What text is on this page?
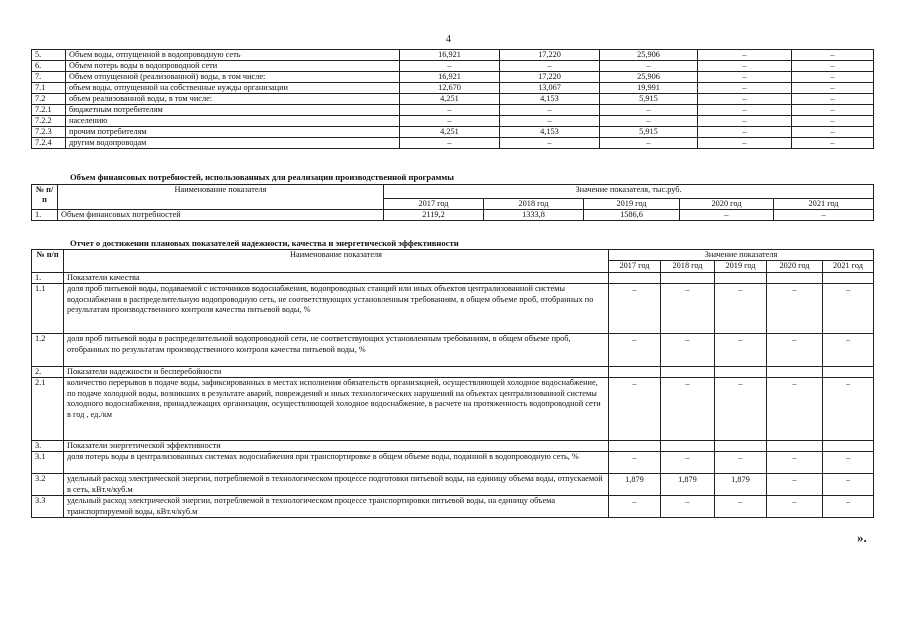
4
5.	Объем воды, отпущенной в водопроводную сеть	16,921	17,220	25,906	–	–
6.	Объем потерь воды в водопроводной сети	–	–	–	–	–
7.	Объем отпущенной (реализованной) воды, в том числе:	16,921	17,220	25,906	–	–
7.1	объем воды, отпущенной на собственные нужды организации	12,670	13,067	19,991	–	–
7.2	объем реализованной воды, в том числе:	4,251	4,153	5,915	–	–
7.2.1	бюджетным потребителям	–	–	–	–	–
7.2.2	населению	–	–	–	–	–
7.2.3	прочим потребителям	4,251	4,153	5,915	–	–
7.2.4	другим водопроводам	–	–	–	–	–
Объем финансовых потребностей, использованных для реализации производственной программы
№ п/п	Наименование показателя	Значение показателя, тыс.руб.				
		2017 год	2018 год	2019 год	2020 год	2021 год
1.	Объем финансовых потребностей	2119,2	1333,8	1586,6	–	–
Отчет о достижении плановых показателей надежности, качества и энергетической эффективности
№ п/п	Наименование показателя	Значение показателя				
		2017 год	2018 год	2019 год	2020 год	2021 год
1.	Показатели качества					
1.1	доля проб питьевой воды, подаваемой с источников водоснабжения, водопроводных станций или иных объектов централизованной системы водоснабжения в распределительную водопроводную сеть, не соответствующих установленным требованиям, в общем объеме проб, отобранных по результатам производственного контроля качества питьевой воды, %	–	–	–	–	–
1.2	доля проб питьевой воды в распределительной водопроводной сети, не соответствующих установленным требованиям, в общем объеме проб, отобранных по результатам производственного контроля качества питьевой воды, %	–	–	–	–	–
2.	Показатели надежности и бесперебойности					
2.1	количество перерывов в подаче воды, зафиксированных в местах исполнения обязательств организацией, осуществляющей холодное водоснабжение, по подаче холодной воды, возникших в результате аварий, повреждений и иных технологических нарушений на объектах централизованной системы холодного водоснабжения, принадлежащих организации, осуществляющей холодное водоснабжение, в расчете на протяженность водопроводной сети в год , ед./км	–	–	–	–	–
3.	Показатели энергетической эффективности					
3.1	доля потерь воды в централизованных системах водоснабжения при транспортировке в общем объеме воды, поданной в водопроводную сеть, %	–	–	–	–	–
3.2	удельный расход электрической энергии, потребляемой в технологическом процессе подготовки питьевой воды, на единицу объема воды, отпускаемой в сеть, кВт.ч/куб.м	1,879	1,879	1,879	–	–
3.3	удельный расход электрической энергии, потребляемой в технологическом процессе транспортировки питьевой воды, на единицу объема транспортируемой воды, кВт.ч/куб.м	–	–	–	–	–
».
